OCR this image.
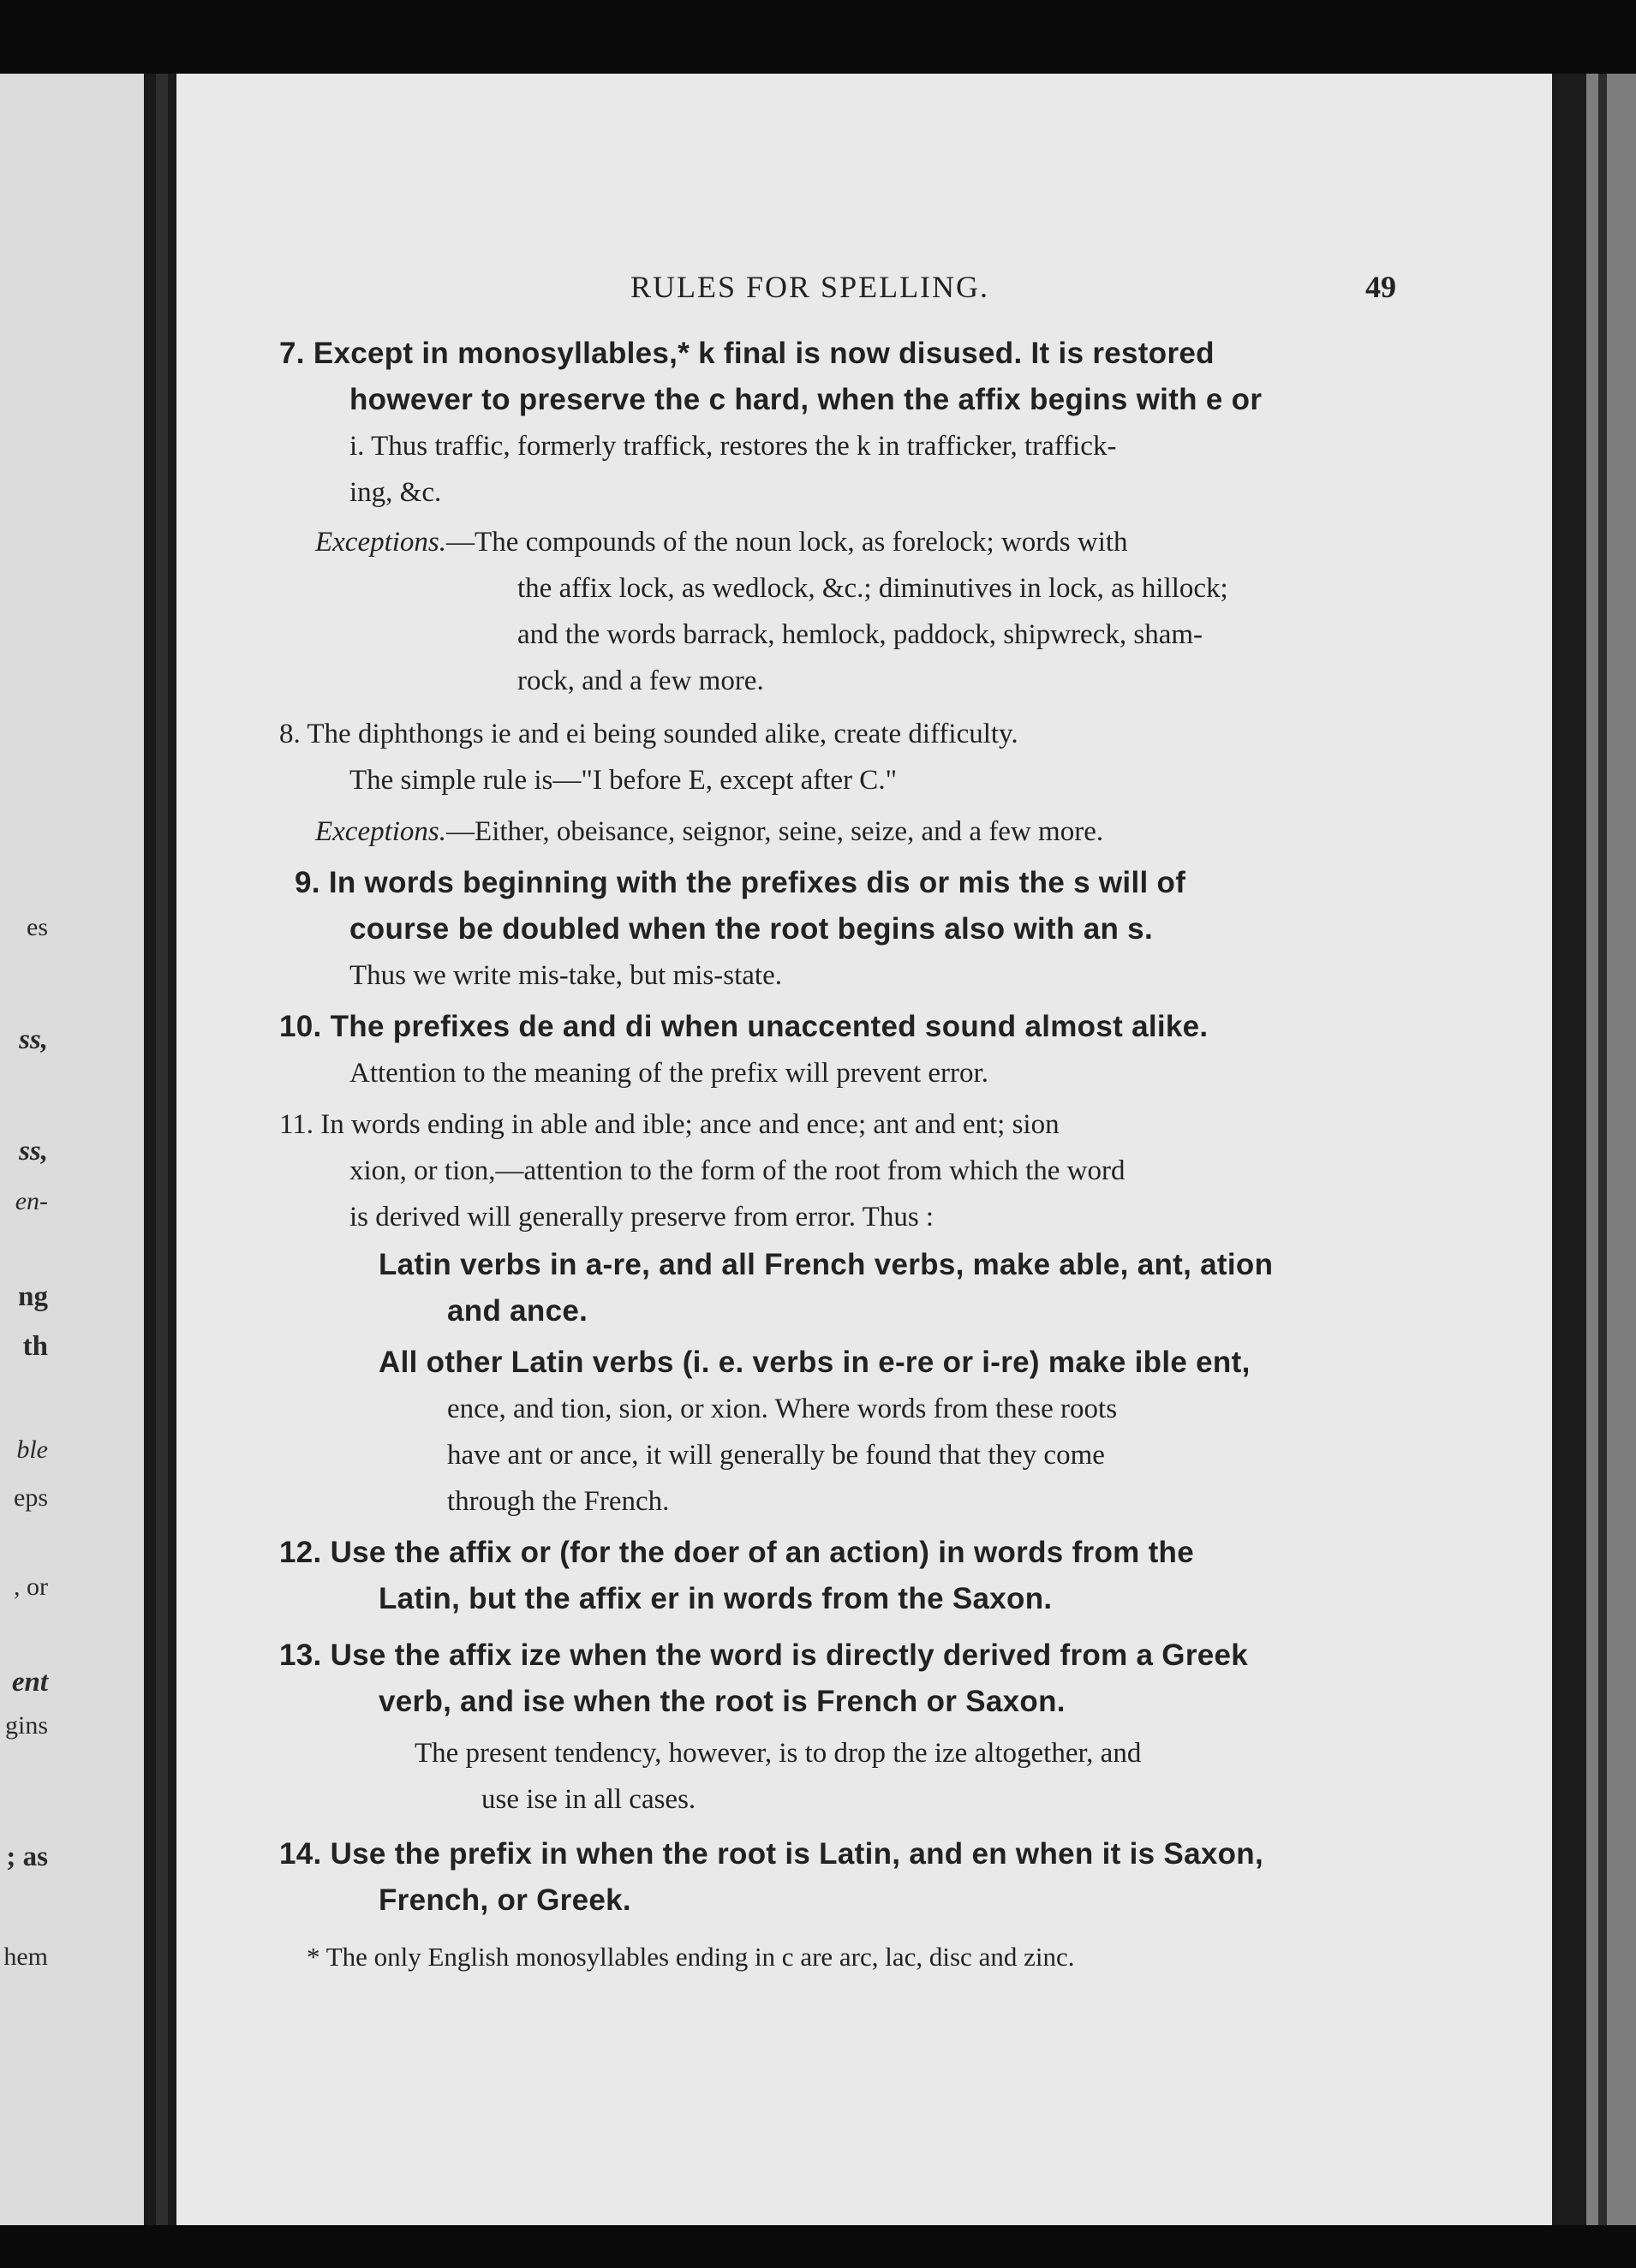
es
ss,
ss,
en-
ng
th
ble
eps
, or
ent
gins
; as
hem
RULES FOR SPELLING.	49
7. Except in monosyllables,* k final is now disused. It is restored
however to preserve the c hard, when the affix begins with e or
i. Thus traffic, formerly traffick, restores the k in trafficker, traffick-
ing, &c.
Exceptions.—The compounds of the noun lock, as forelock; words with
the affix lock, as wedlock, &c.; diminutives in lock, as hillock;
and the words barrack, hemlock, paddock, shipwreck, sham-
rock, and a few more.
8. The diphthongs ie and ei being sounded alike, create difficulty.
The simple rule is—"I before E, except after C."
Exceptions.—Either, obeisance, seignor, seine, seize, and a few more.
9. In words beginning with the prefixes dis or mis the s will of
course be doubled when the root begins also with an s.
Thus we write mis-take, but mis-state.
10. The prefixes de and di when unaccented sound almost alike.
Attention to the meaning of the prefix will prevent error.
11. In words ending in able and ible; ance and ence; ant and ent; sion
xion, or tion,—attention to the form of the root from which the word
is derived will generally preserve from error. Thus :
Latin verbs in a-re, and all French verbs, make able, ant, ation
and ance.
All other Latin verbs (i. e. verbs in e-re or i-re) make ible ent,
ence, and tion, sion, or xion. Where words from these roots
have ant or ance, it will generally be found that they come
through the French.
12. Use the affix or (for the doer of an action) in words from the
Latin, but the affix er in words from the Saxon.
13. Use the affix ize when the word is directly derived from a Greek
verb, and ise when the root is French or Saxon.
The present tendency, however, is to drop the ize altogether, and
use ise in all cases.
14. Use the prefix in when the root is Latin, and en when it is Saxon,
French, or Greek.
* The only English monosyllables ending in c are arc, lac, disc and zinc.
